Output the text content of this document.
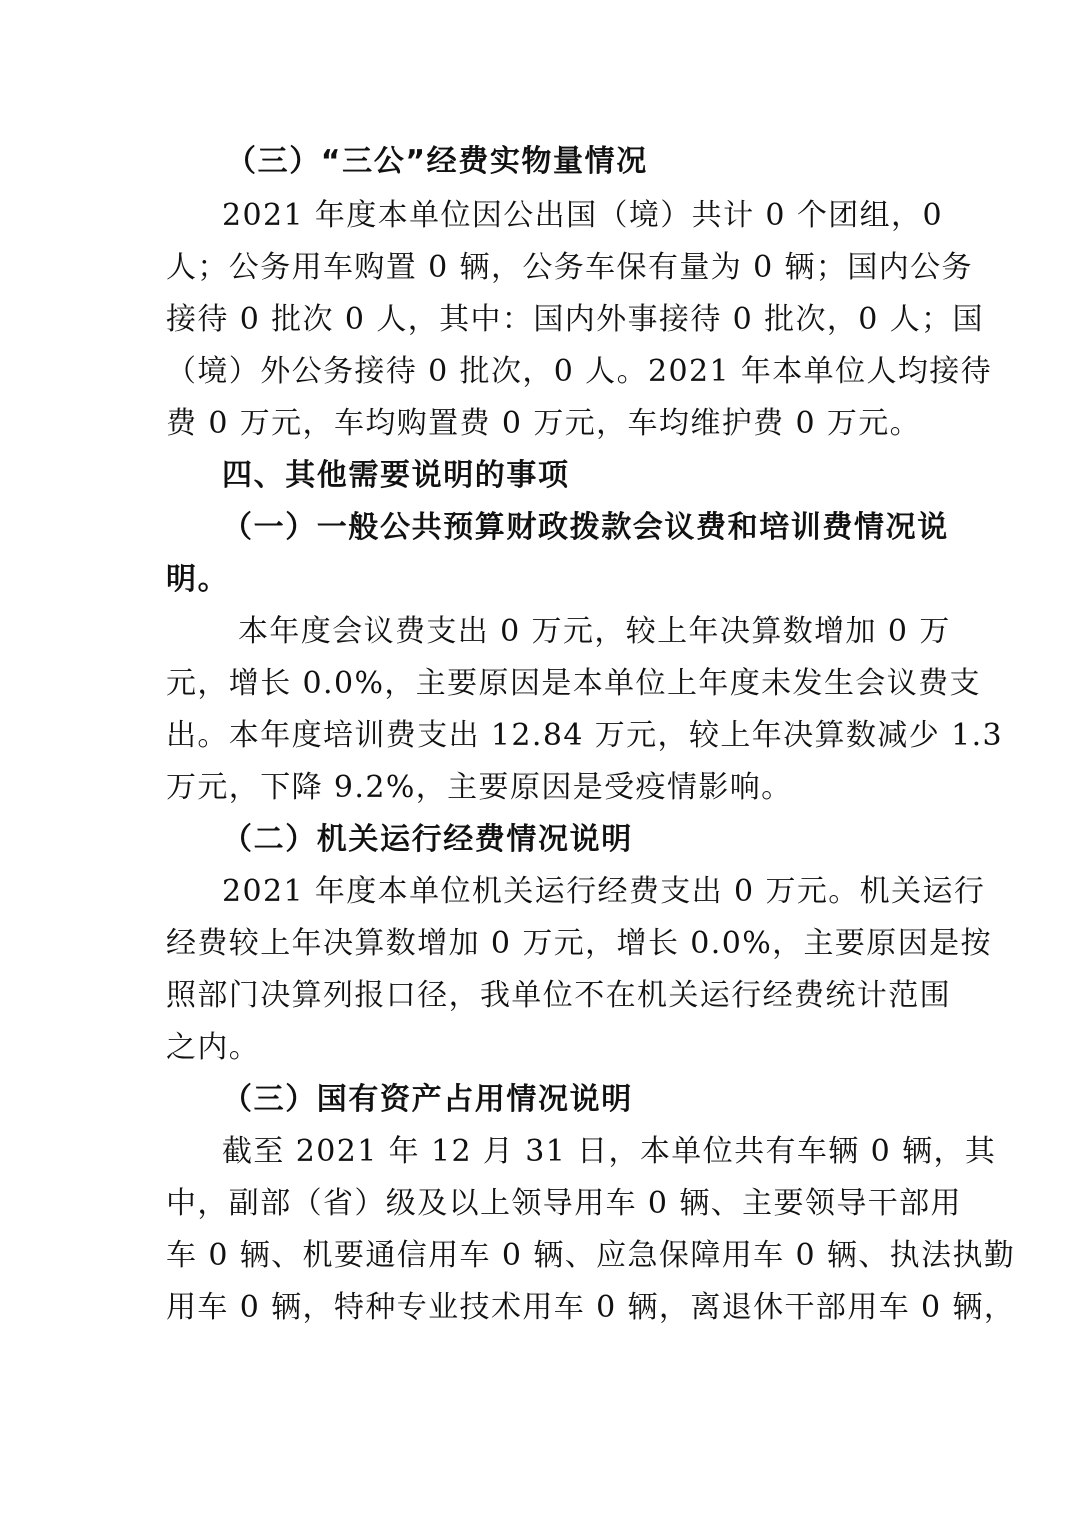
（三）“三公”经费实物量情况
2021 年度本单位因公出国（境）共计 0 个团组，0
人；公务用车购置 0 辆，公务车保有量为 0 辆；国内公务
接待 0 批次 0 人，其中：国内外事接待 0 批次，0 人；国
（境）外公务接待 0 批次，0 人。2021 年本单位人均接待
费 0 万元，车均购置费 0 万元，车均维护费 0 万元。
四、其他需要说明的事项
（一）一般公共预算财政拨款会议费和培训费情况说
明。
本年度会议费支出 0 万元，较上年决算数增加 0 万
元，增长 0.0%，主要原因是本单位上年度未发生会议费支
出。本年度培训费支出 12.84 万元，较上年决算数减少 1.3
万元，下降 9.2%，主要原因是受疫情影响。
（二）机关运行经费情况说明
2021 年度本单位机关运行经费支出 0 万元。机关运行
经费较上年决算数增加 0 万元，增长 0.0%，主要原因是按
照部门决算列报口径，我单位不在机关运行经费统计范围
之内。
（三）国有资产占用情况说明
截至 2021 年 12 月 31 日，本单位共有车辆 0 辆，其
中，副部（省）级及以上领导用车 0 辆、主要领导干部用
车 0 辆、机要通信用车 0 辆、应急保障用车 0 辆、执法执勤
用车 0 辆，特种专业技术用车 0 辆，离退休干部用车 0 辆，
